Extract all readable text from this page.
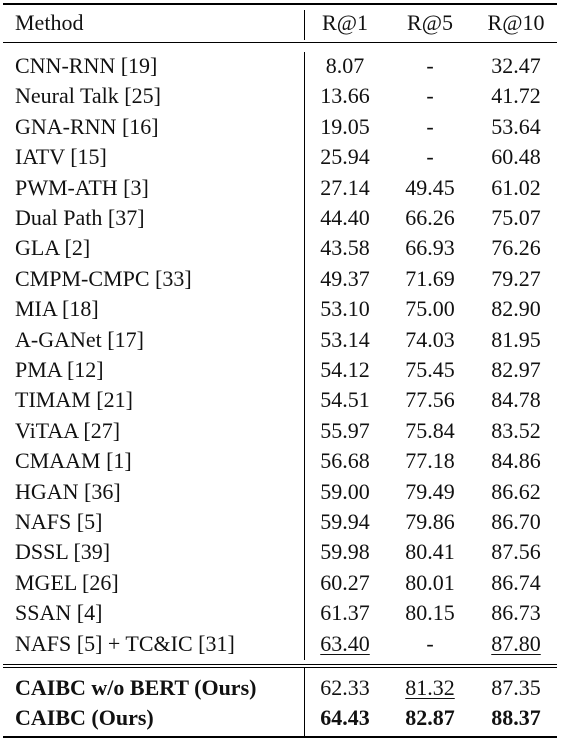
Method	R@1	R@5	R@10
CNN-RNN [19]	8.07	-	32.47
Neural Talk [25]	13.66	-	41.72
GNA-RNN [16]	19.05	-	53.64
IATV [15]	25.94	-	60.48
PWM-ATH [3]	27.14	49.45	61.02
Dual Path [37]	44.40	66.26	75.07
GLA [2]	43.58	66.93	76.26
CMPM-CMPC [33]	49.37	71.69	79.27
MIA [18]	53.10	75.00	82.90
A-GANet [17]	53.14	74.03	81.95
PMA [12]	54.12	75.45	82.97
TIMAM [21]	54.51	77.56	84.78
ViTAA [27]	55.97	75.84	83.52
CMAAM [1]	56.68	77.18	84.86
HGAN [36]	59.00	79.49	86.62
NAFS [5]	59.94	79.86	86.70
DSSL [39]	59.98	80.41	87.56
MGEL [26]	60.27	80.01	86.74
SSAN [4]	61.37	80.15	86.73
NAFS [5] + TC&IC [31]	63.40	-	87.80
CAIBC w/o BERT (Ours)	62.33	81.32	87.35
CAIBC (Ours)	64.43	82.87	88.37
